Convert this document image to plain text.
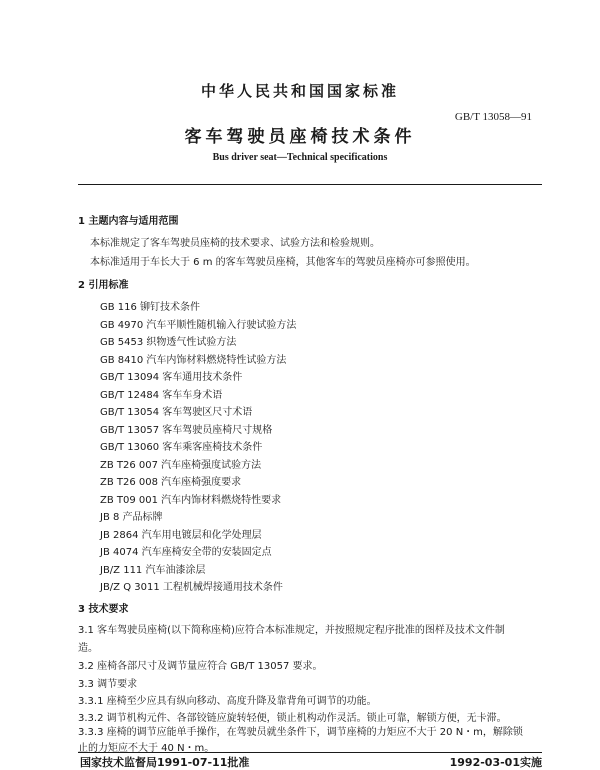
中华人民共和国国家标准
GB/T 13058—91
客车驾驶员座椅技术条件
Bus driver seat—Technical specifications
1 主题内容与适用范围
本标准规定了客车驾驶员座椅的技术要求、试验方法和检验规则。
本标准适用于车长大于 6 m 的客车驾驶员座椅，其他客车的驾驶员座椅亦可参照使用。
2 引用标准
GB 116 铆钉技术条件
GB 4970 汽车平顺性随机输入行驶试验方法
GB 5453 织物透气性试验方法
GB 8410 汽车内饰材料燃烧特性试验方法
GB/T 13094 客车通用技术条件
GB/T 12484 客车车身术语
GB/T 13054 客车驾驶区尺寸术语
GB/T 13057 客车驾驶员座椅尺寸规格
GB/T 13060 客车乘客座椅技术条件
ZB T26 007 汽车座椅强度试验方法
ZB T26 008 汽车座椅强度要求
ZB T09 001 汽车内饰材料燃烧特性要求
JB 8 产品标牌
JB 2864 汽车用电镀层和化学处理层
JB 4074 汽车座椅安全带的安装固定点
JB/Z 111 汽车油漆涂层
JB/Z Q 3011 工程机械焊接通用技术条件
3 技术要求
3.1 客车驾驶员座椅(以下简称座椅)应符合本标准规定，并按照规定程序批准的图样及技术文件制
造。
3.2 座椅各部尺寸及调节量应符合 GB/T 13057 要求。
3.3 调节要求
3.3.1 座椅至少应具有纵向移动、高度升降及靠背角可调节的功能。
3.3.2 调节机构元件、各部铰链应旋转轻便，锁止机构动作灵活。锁止可靠，解锁方便，无卡滞。
3.3.3 座椅的调节应能单手操作，在驾驶员就坐条件下，调节座椅的力矩应不大于 20 N・m，解除锁
止的力矩应不大于 40 N・m。
国家技术监督局1991-07-11批准	1992-03-01实施
